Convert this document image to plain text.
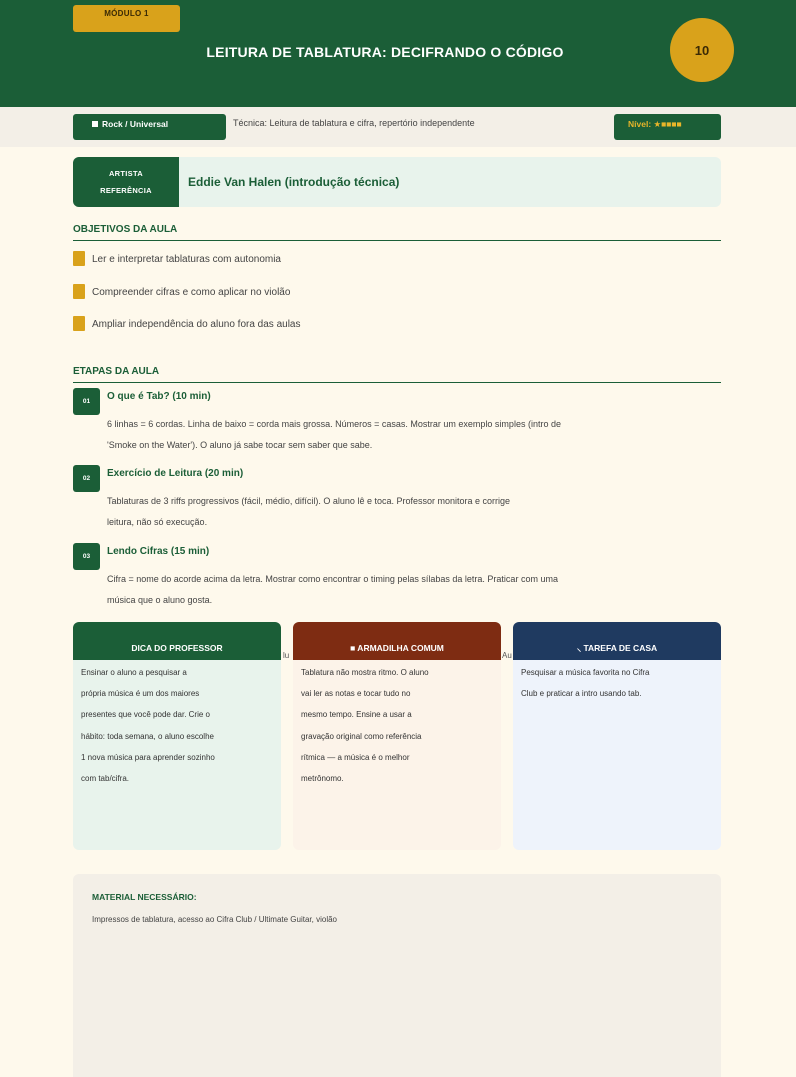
MÓDULO 1
LEITURA DE TABLATURA: DECIFRANDO O CÓDIGO	10
Rock / Universal	Técnica: Leitura de tablatura e cifra, repertório independente	Nível: ★■■■■
ARTISTA
REFERÊNCIA
Eddie Van Halen (introdução técnica)
OBJETIVOS DA AULA
Ler e interpretar tablaturas com autonomia
Compreender cifras e como aplicar no violão
Ampliar independência do aluno fora das aulas
ETAPAS DA AULA
01	O que é Tab? (10 min)
6 linhas = 6 cordas. Linha de baixo = corda mais grossa. Números = casas. Mostrar um exemplo simples (intro de
'Smoke on the Water'). O aluno já sabe tocar sem saber que sabe.
02	Exercício de Leitura (20 min)
Tablaturas de 3 riffs progressivos (fácil, médio, difícil). O aluno lê e toca. Professor monitora e corrige
leitura, não só execução.
03	Lendo Cifras (15 min)
Cifra = nome do acorde acima da letra. Mostrar como encontrar o timing pelas sílabas da letra. Praticar com uma
música que o aluno gosta.
DICA DO PROFESSOR
Ensinar o aluno a pesquisar a
própria música é um dos maiores
presentes que você pode dar. Crie o
hábito: toda semana, o aluno escolhe
1 nova música para aprender sozinho
com tab/cifra.
lu
■ ARMADILHA COMUM
Tablatura não mostra ritmo. O aluno
vai ler as notas e tocar tudo no
mesmo tempo. Ensine a usar a
gravação original como referência
rítmica — a música é o melhor
metrônomo.
Au
⸜ TAREFA DE CASA
Pesquisar a música favorita no Cifra
Club e praticar a intro usando tab.
MATERIAL NECESSÁRIO:
Impressos de tablatura, acesso ao Cifra Club / Ultimate Guitar, violão
